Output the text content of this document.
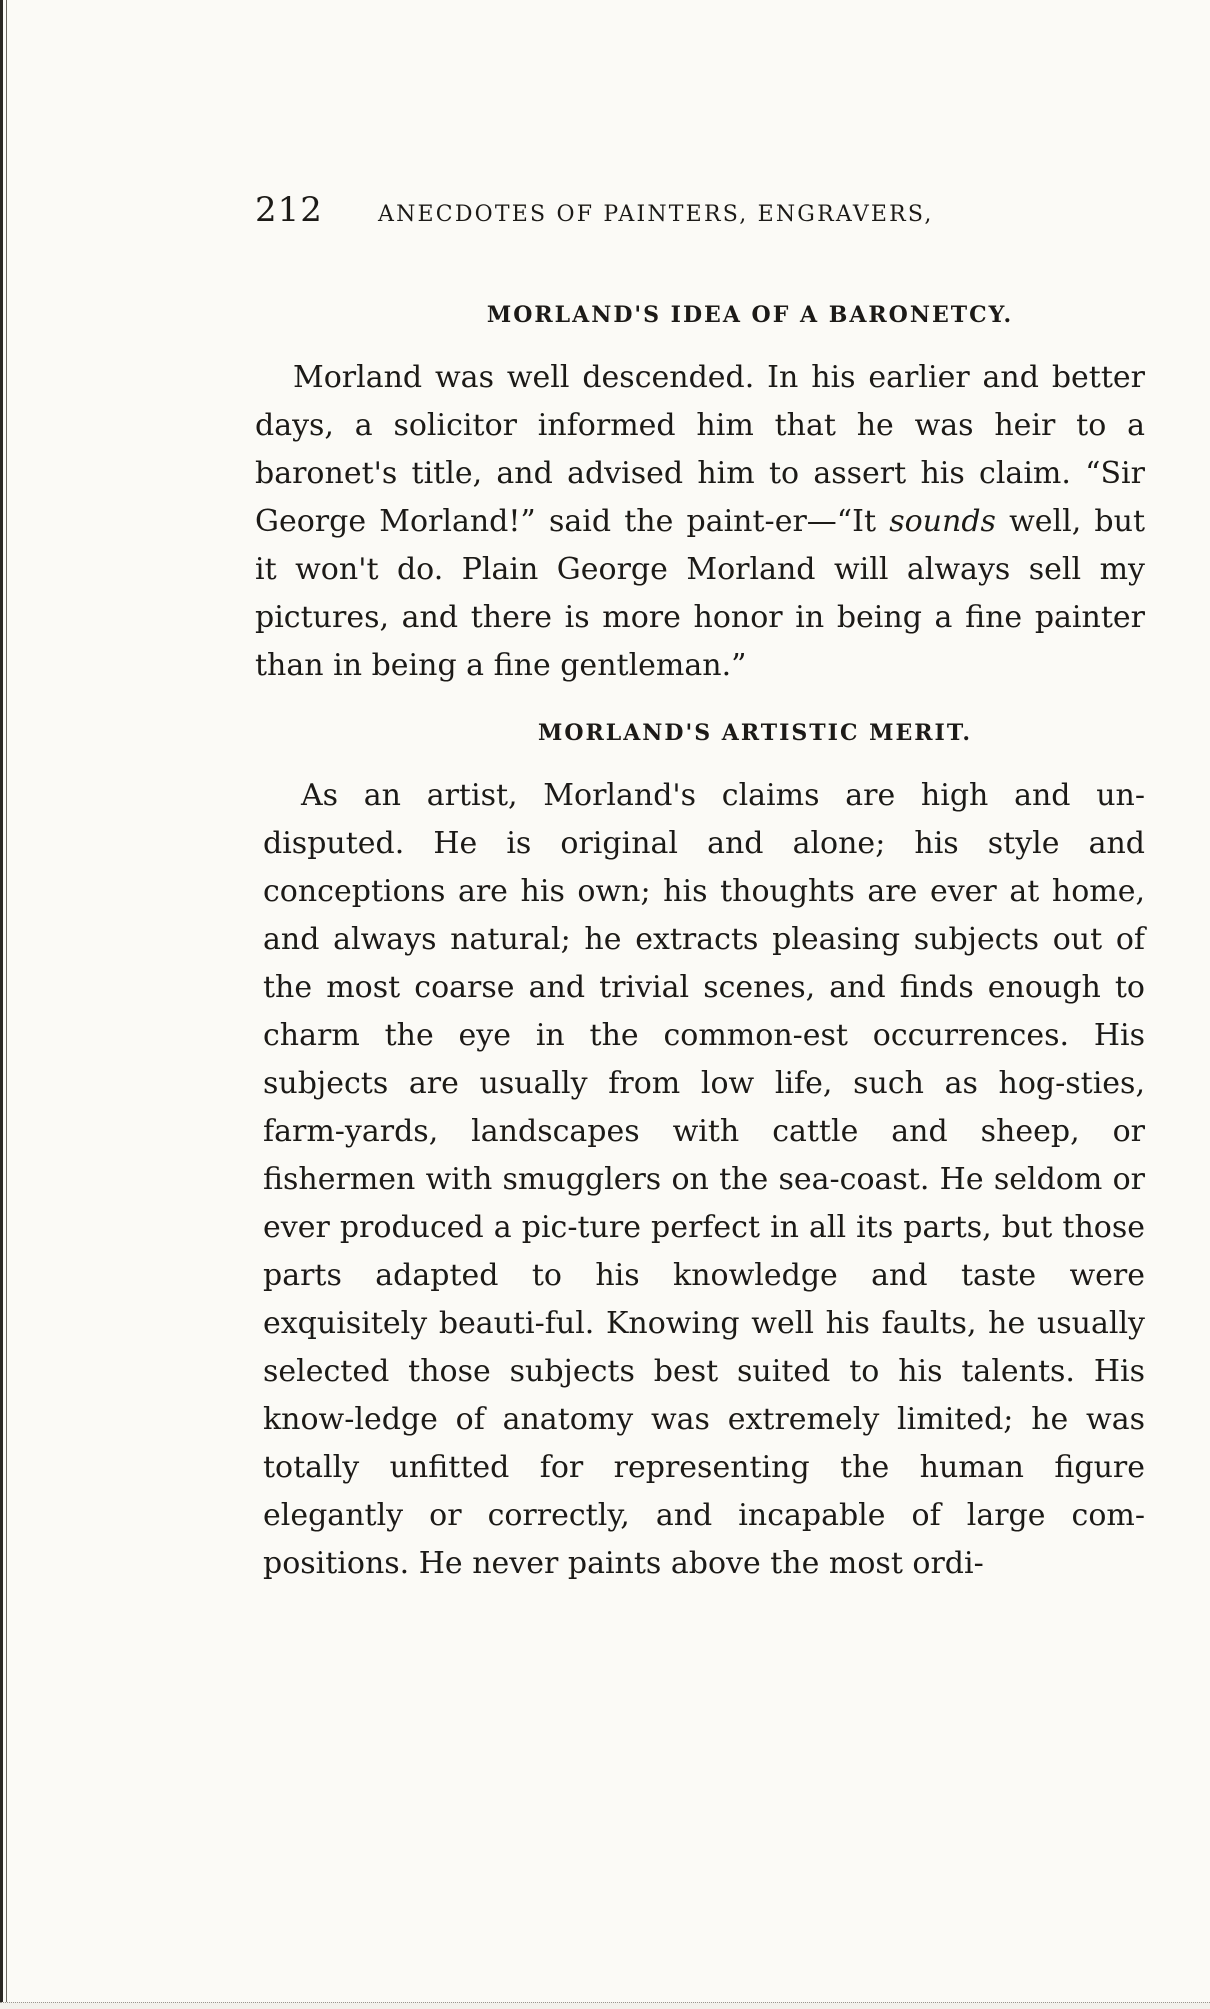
212	ANECDOTES OF PAINTERS, ENGRAVERS,
MORLAND'S IDEA OF A BARONETCY.

Morland was well descended. In his earlier and better days, a solicitor informed him that he was heir to a baronet's title, and advised him to assert his claim. “Sir George Morland!” said the paint-er—“It sounds well, but it won't do. Plain George Morland will always sell my pictures, and there is more honor in being a fine painter than in being a fine gentleman.”

MORLAND'S ARTISTIC MERIT.

As an artist, Morland's claims are high and un-disputed. He is original and alone; his style and conceptions are his own; his thoughts are ever at home, and always natural; he extracts pleasing subjects out of the most coarse and trivial scenes, and finds enough to charm the eye in the common-est occurrences. His subjects are usually from low life, such as hog-sties, farm-yards, landscapes with cattle and sheep, or fishermen with smugglers on the sea-coast. He seldom or ever produced a pic-ture perfect in all its parts, but those parts adapted to his knowledge and taste were exquisitely beauti-ful. Knowing well his faults, he usually selected those subjects best suited to his talents. His know-ledge of anatomy was extremely limited; he was totally unfitted for representing the human figure elegantly or correctly, and incapable of large com-positions. He never paints above the most ordi-
